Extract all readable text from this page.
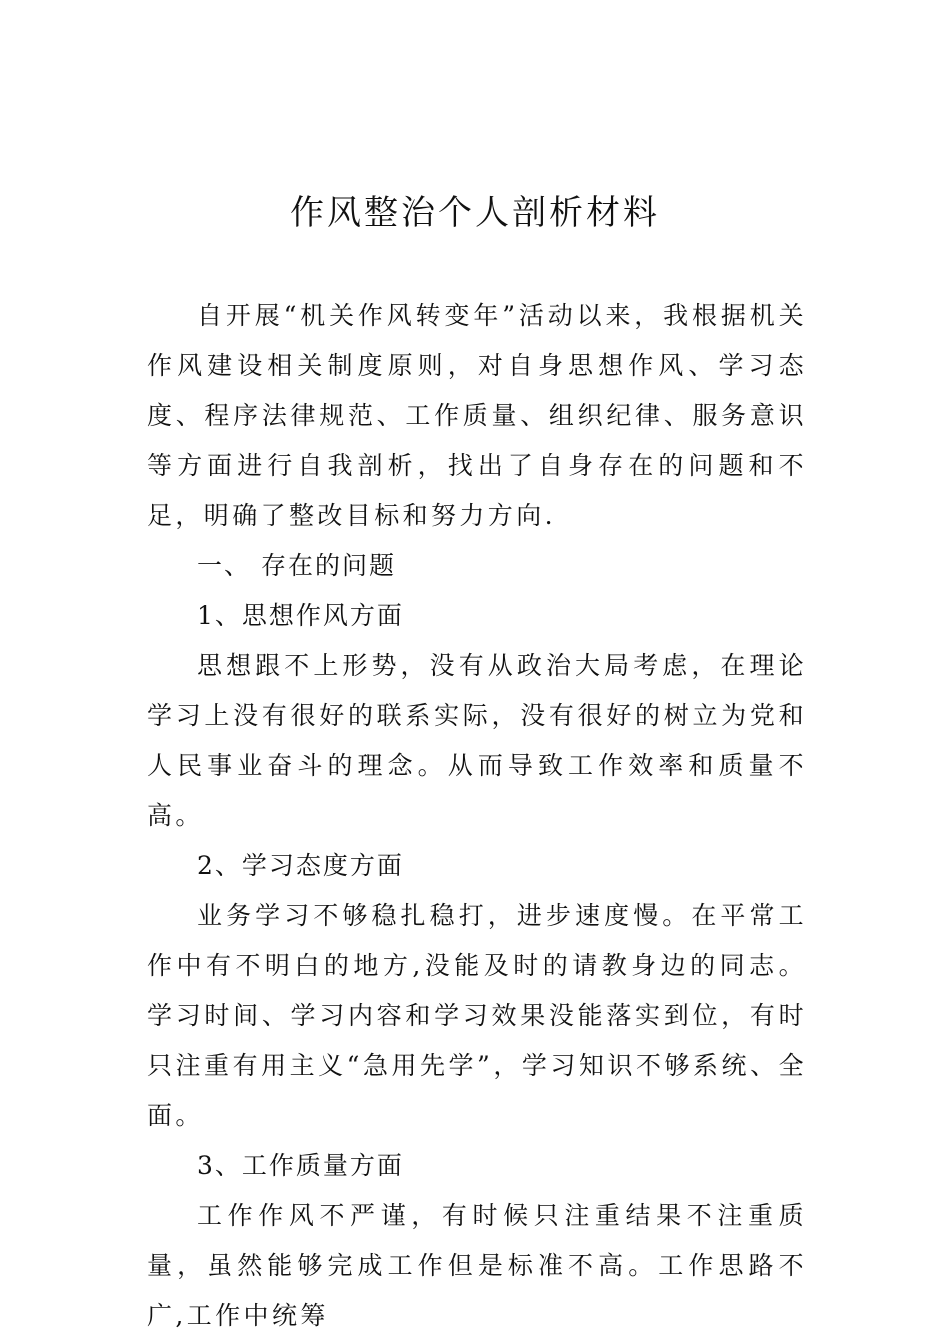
作风整治个人剖析材料

自开展“机关作风转变年”活动以来，我根据机关作风建设相关制度原则，对自身思想作风、学习态度、程序法律规范、工作质量、组织纪律、服务意识等方面进行自我剖析，找出了自身存在的问题和不足，明确了整改目标和努力方向.

一、 存在的问题

1、思想作风方面

思想跟不上形势，没有从政治大局考虑，在理论学习上没有很好的联系实际，没有很好的树立为党和人民事业奋斗的理念。从而导致工作效率和质量不高。

2、学习态度方面

业务学习不够稳扎稳打，进步速度慢。在平常工作中有不明白的地方,没能及时的请教身边的同志。学习时间、学习内容和学习效果没能落实到位，有时只注重有用主义“急用先学”，学习知识不够系统、全面。

3、工作质量方面

工作作风不严谨，有时候只注重结果不注重质量，虽然能够完成工作但是标准不高。工作思路不广,工作中统筹
